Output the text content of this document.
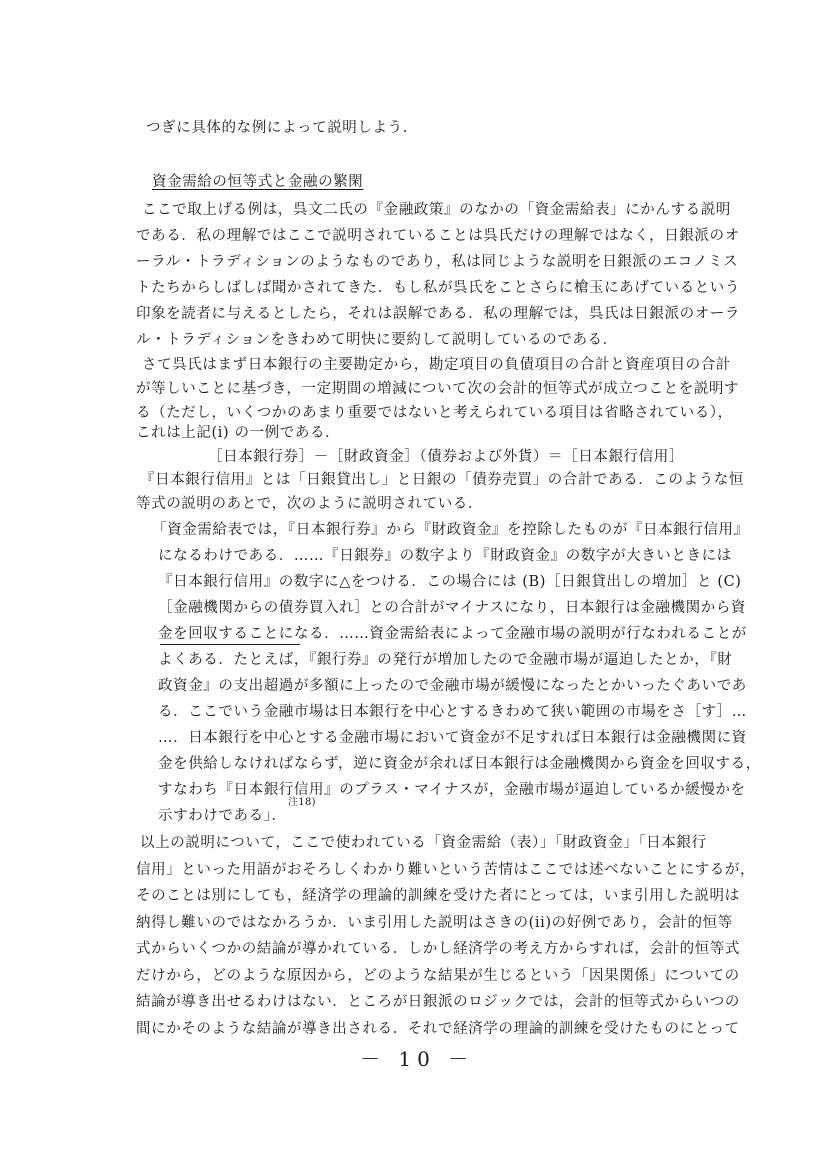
つぎに具体的な例によって説明しよう.
資金需給の恒等式と金融の繁閑
ここで取上げる例は，呉文二氏の『金融政策』のなかの「資金需給表」にかんする説明
である．私の理解ではここで説明されていることは呉氏だけの理解ではなく，日銀派のオ
ーラル・トラディションのようなものであり，私は同じような説明を日銀派のエコノミス
トたちからしばしば聞かされてきた．もし私が呉氏をことさらに槍玉にあげているという
印象を読者に与えるとしたら，それは誤解である．私の理解では，呉氏は日銀派のオーラ
ル・トラディションをきわめて明快に要約して説明しているのである．
さて呉氏はまず日本銀行の主要勘定から，勘定項目の負債項目の合計と資産項目の合計
が等しいことに基づき，一定期間の増減について次の会計的恒等式が成立つことを説明す
る（ただし，いくつかのあまり重要ではないと考えられている項目は省略されている），
これは上記(i) の一例である．
［日本銀行券］－［財政資金］（債券および外貨）＝［日本銀行信用］
『日本銀行信用』とは「日銀貸出し」と日銀の「債券売買」の合計である．このような恒
等式の説明のあとで，次のように説明されている．
「資金需給表では，『日本銀行券』から『財政資金』を控除したものが『日本銀行信用』
になるわけである．……『日銀券』の数字より『財政資金』の数字が大きいときには
『日本銀行信用』の数字に△をつける．この場合には (B)［日銀貸出しの増加］と (C)
［金融機関からの債券買入れ］との合計がマイナスになり，日本銀行は金融機関から資
金を回収することになる．……資金需給表によって金融市場の説明が行なわれることが
よくある．たとえば，『銀行券』の発行が増加したので金融市場が逼迫したとか，『財
政資金』の支出超過が多額に上ったので金融市場が緩慢になったとかいったぐあいであ
る．ここでいう金融市場は日本銀行を中心とするきわめて狭い範囲の市場をさ［す］…
…．日本銀行を中心とする金融市場において資金が不足すれば日本銀行は金融機関に資
金を供給しなければならず，逆に資金が余れば日本銀行は金融機関から資金を回収する，
すなわち『日本銀行信用』のプラス・マイナスが，金融市場が逼迫しているか緩慢かを
示すわけである」．
注18)
以上の説明について，ここで使われている「資金需給（表）」「財政資金」「日本銀行
信用」といった用語がおそろしくわかり難いという苦情はここでは述べないことにするが，
そのことは別にしても，経済学の理論的訓練を受けた者にとっては，いま引用した説明は
納得し難いのではなかろうか．いま引用した説明はさきの(ii)の好例であり，会計的恒等
式からいくつかの結論が導かれている．しかし経済学の考え方からすれば，会計的恒等式
だけから，どのような原因から，どのような結果が生じるという「因果関係」についての
結論が導き出せるわけはない．ところが日銀派のロジックでは，会計的恒等式からいつの
間にかそのような結論が導き出される．それで経済学の理論的訓練を受けたものにとって
－ 10 －
